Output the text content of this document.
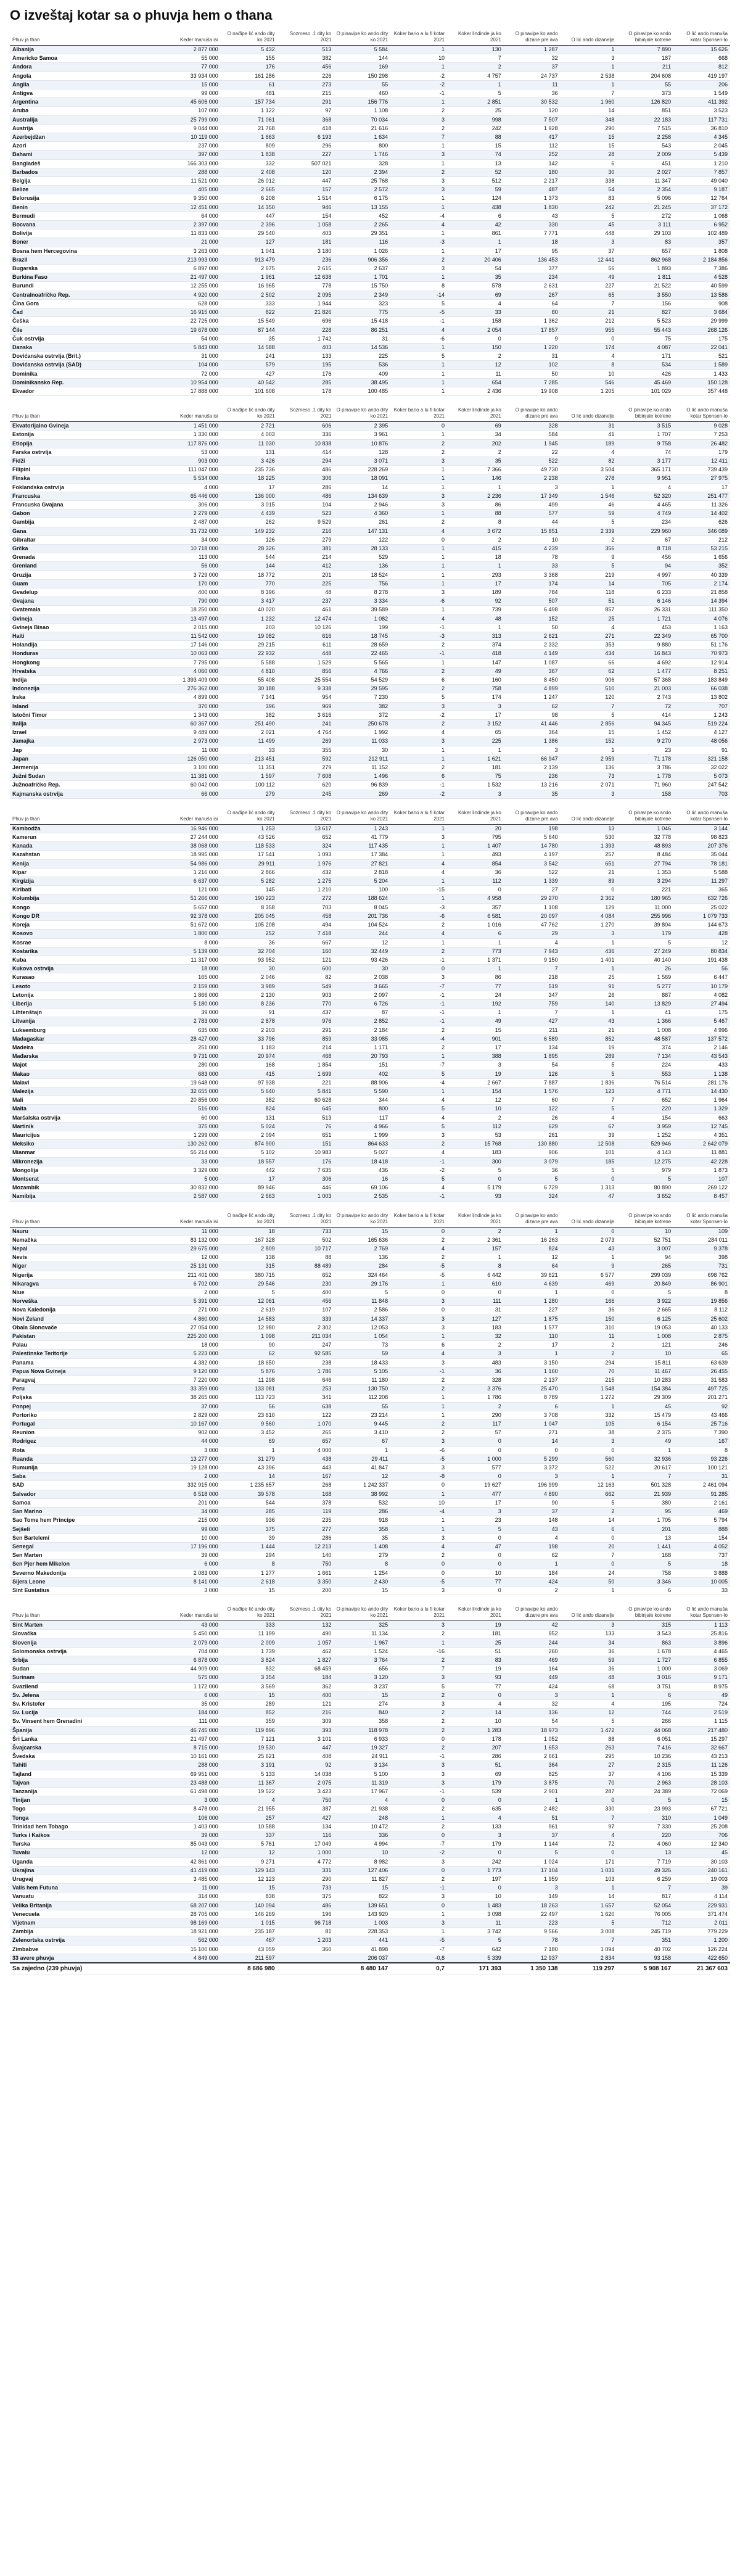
O izveštaj kotar sa o phuvja hem o thana
Phuv ja than	Keder manuša isi	O nađipe lić ando dity ko 2021	Sozmeso .1 dity ko 2021	O pinavipe ko ando dity ko 2021	Koker bario a lu fi kotar 2021	Koker lindinde ja ko 2021	O pinavipe ko ando dizane pre ava	O lić ando dizanelje	O pinavipe ko ando bibinjale kotrene	O lić ando manuša kotar Sponsen-lo
Albanija	2 877 000	5 432	513	5 584	1	130	1 287	1	7 890	15 626
Americko Samoa	55 000	155	382	144	10	7	32	3	187	668
Andora	77 000	176	456	169	1	2	37	1	211	812
Angola	33 934 000	161 286	226	150 298	-2	4 757	24 737	2 538	204 608	419 197
Angila	15 000	61	273	55	-2	1	11	1	55	206
Antigva	99 000	481	215	460	-1	5	36	7	373	1 549
Argentina	45 606 000	157 734	291	156 776	1	2 851	30 532	1 960	126 820	411 392
Aruba	107 000	1 122	97	1 108	2	25	120	14	851	3 523
Australija	25 799 000	71 061	368	70 034	3	998	7 507	348	22 183	117 731
Austrija	9 044 000	21 768	418	21 616	2	242	1 928	290	7 515	36 810
Azerbejdžan	10 119 000	1 663	6 193	1 634	7	88	417	15	2 258	4 345
Azori	237 000	809	296	800	1	15	112	15	543	2 045
Bahami	397 000	1 838	227	1 746	3	74	252	28	2 009	5 439
Bangladeš	166 303 000	332	507 021	328	1	13	142	6	451	1 210
Barbados	288 000	2 408	120	2 394	2	52	180	30	2 027	7 857
Belgija	11 521 000	26 012	447	25 768	3	512	2 217	338	11 347	49 040
Belize	405 000	2 665	157	2 572	3	59	487	54	2 354	9 187
Belorusija	9 350 000	6 208	1 514	6 175	1	124	1 373	83	5 096	12 764
Benin	12 451 000	14 350	946	13 155	1	438	1 830	242	21 245	37 172
Bermudi	64 000	447	154	452	-4	6	43	5	272	1 068
Bocvana	2 397 000	2 396	1 058	2 265	4	42	330	45	3 111	6 952
Bolivija	11 833 000	29 540	403	29 351	1	861	7 771	448	29 103	102 489
Boner	21 000	127	181	116	-3	1	18	3	83	357
Bosna hem Hercegovina	3 263 000	1 041	3 180	1 026	1	17	95	37	657	1 808
Brazil	213 993 000	913 479	236	906 356	2	20 406	136 453	12 441	862 968	2 184 856
Bugarska	6 897 000	2 675	2 615	2 637	3	54	377	56	1 893	7 386
Burkina Faso	21 497 000	1 961	12 638	1 701	1	35	234	49	1 811	4 528
Burundi	12 255 000	16 965	778	15 750	8	578	2 631	227	21 522	40 599
Centralnoafričko Rep.	4 920 000	2 502	2 095	2 349	-14	69	267	65	3 550	13 586
Čina Gora	628 000	333	1 944	323	5	4	64	7	156	908
Čad	16 915 000	822	21 826	775	-5	33	80	21	827	3 684
Češka	22 725 000	15 549	696	15 418	-1	158	1 362	212	5 523	29 999
Čile	19 678 000	87 144	228	86 251	4	2 054	17 857	955	55 443	268 126
Čuk ostrvija	54 000	35	1 742	31	-6	0	9	0	75	175
Danska	5 843 000	14 588	403	14 536	1	150	1 220	174	4 087	22 041
Dovićanska ostrvija (Brit.)	31 000	241	133	225	5	2	31	4	171	521
Dovićanska ostrvija (SAD)	104 000	579	195	536	1	12	102	8	534	1 589
Dominika	72 000	427	176	409	1	11	50	10	426	1 433
Dominikansko Rep.	10 954 000	40 542	285	38 495	1	654	7 285	546	45 469	150 128
Ekvador	17 888 000	101 608	178	100 485	1	2 436	19 908	1 205	101 029	357 448
Phuv ja than	Keder manuša isi	O nađipe lić ando dity ko 2021	Sozmeso .1 dity ko 2021	O pinavipe ko ando dity ko 2021	Koker bario a lu fi kotar 2021	Koker lindinde ja ko 2021	O pinavipe ko ando dizane pre ava	O lić ando dizanelje	O pinavipe ko ando bibinjale kotrene	O lić ando manuša kotar Sponsen-lo
Ekvatorijalno Gvineja	1 451 000	2 721	606	2 395	0	69	328	31	3 515	9 028
Estonija	1 330 000	4 003	336	3 961	1	34	584	41	1 707	7 253
Etiopija	117 876 000	11 030	10 838	10 876	2	202	1 945	189	9 758	26 482
Farska ostrvija	53 000	131	414	128	2	2	22	4	74	179
Fidži	903 000	3 426	294	3 071	3	35	522	82	3 177	12 411
Filipini	111 047 000	235 736	486	228 269	1	7 366	49 730	3 504	365 171	739 439
Finska	5 534 000	18 225	306	18 091	1	146	2 238	278	9 951	27 975
Foklandska ostrvija	4 000	17	286	14	1	1	3	1	4	17
Francuska	65 446 000	136 000	486	134 639	3	2 236	17 349	1 546	52 320	251 477
Francuska Gvajana	306 000	3 015	104	2 946	3	86	499	46	4 465	11 326
Gabon	2 279 000	4 439	523	4 360	1	88	577	59	4 749	14 402
Gambija	2 487 000	262	9 529	261	2	8	44	5	234	626
Gana	31 732 000	149 232	216	147 131	4	3 672	15 851	2 339	229 960	346 089
Gibraltar	34 000	126	279	122	0	2	10	2	67	212
Grčka	10 718 000	28 326	381	28 133	1	415	4 239	356	8 718	53 215
Grenada	113 000	544	214	529	1	18	78	9	456	1 656
Grenland	56 000	144	412	136	1	1	33	5	94	352
Gruzija	3 729 000	18 772	201	18 524	1	293	3 368	219	4 997	40 339
Guam	170 000	770	225	756	1	17	174	14	705	2 174
Gvadelup	400 000	8 396	48	8 278	3	189	784	118	6 233	21 858
Gvajana	790 000	3 417	237	3 334	-6	92	507	51	6 146	14 394
Gvatemala	18 250 000	40 020	461	39 589	1	739	6 498	857	26 331	111 350
Gvineja	13 497 000	1 232	12 474	1 082	4	48	152	25	1 721	4 076
Gvineja Bisao	2 015 000	203	10 126	199	-1	1	50	4	453	1 163
Haiti	11 542 000	19 082	616	18 745	-3	313	2 621	271	22 349	65 700
Holandija	17 146 000	29 215	611	28 659	2	374	2 332	353	9 880	51 176
Honduras	10 063 000	22 932	448	22 465	-1	418	4 149	434	16 843	70 973
Hongkong	7 795 000	5 588	1 529	5 565	1	147	1 087	66	4 692	12 914
Hrvatska	4 060 000	4 810	856	4 766	2	49	367	62	1 477	8 251
Indija	1 393 409 000	55 408	25 554	54 529	6	160	8 450	906	57 368	183 849
Indonezija	276 362 000	30 188	9 338	29 595	2	758	4 899	510	21 003	66 038
Irska	4 899 000	7 341	954	7 230	5	174	1 247	120	2 743	13 802
Island	370 000	396	969	382	3	3	62	7	72	707
Istočni Timor	1 343 000	382	3 616	372	-2	17	98	5	414	1 243
Italija	60 367 000	251 490	241	250 678	2	3 152	41 446	2 856	94 345	519 224
Izrael	9 489 000	2 021	4 764	1 992	4	65	364	15	1 452	4 127
Jamajka	2 973 000	11 499	269	11 033	3	225	1 386	152	9 270	48 056
Jap	11 000	33	355	30	1	1	3	1	23	91
Japan	126 050 000	213 451	592	212 911	1	1 621	66 947	2 959	71 178	321 158
Jermenija	3 100 000	11 351	279	11 152	2	181	2 139	136	3 786	32 022
Južni Sudan	11 381 000	1 597	7 608	1 496	6	75	236	73	1 778	5 073
Južnoafričko Rep.	60 042 000	100 112	620	96 839	-1	1 532	13 216	2 071	71 960	247 542
Kajmanska ostrvija	66 000	279	245	269	-2	3	35	3	158	703
Phuv ja than	Keder manuša isi	O nađipe lić ando dity ko 2021	Sozmeso .1 dity ko 2021	O pinavipe ko ando dity ko 2021	Koker bario a lu fi kotar 2021	Koker lindinde ja ko 2021	O pinavipe ko ando dizane pre ava	O lić ando dizanelje	O pinavipe ko ando bibinjale kotrene	O lić ando manuša kotar Sponsen-lo
Kambodža	16 946 000	1 253	13 617	1 243	1	20	198	13	1 046	3 144
Kamerun	27 244 000	43 526	652	41 779	3	795	5 640	530	32 778	98 823
Kanada	38 068 000	118 533	324	117 435	1	1 407	14 780	1 393	48 893	207 376
Kazahstan	18 995 000	17 541	1 093	17 384	1	493	4 197	257	8 484	35 044
Kenija	54 986 000	29 911	1 976	27 821	4	854	3 542	651	27 794	78 181
Kipar	1 216 000	2 866	432	2 818	4	36	522	21	1 353	5 588
Kirgizija	6 637 000	5 282	1 275	5 204	1	112	1 339	89	3 294	11 297
Kiribati	121 000	145	1 210	100	-15	0	27	0	221	365
Kolumbija	51 266 000	190 223	272	188 624	1	4 958	29 270	2 362	180 965	632 726
Kongo	5 657 000	8 358	703	8 045	-3	357	1 108	129	11 000	25 022
Kongo DR	92 378 000	205 045	458	201 736	-6	6 581	20 097	4 084	255 996	1 079 733
Koreja	51 672 000	105 208	494	104 524	2	1 016	47 762	1 270	39 804	144 673
Kosovo	1 800 000	252	7 418	244	4	6	29	3	179	428
Kosrae	8 000	36	667	12	1	1	4	1	5	12
Kostarika	5 139 000	32 704	160	32 449	2	773	7 943	436	27 249	80 834
Kuba	11 317 000	93 952	121	93 426	-1	1 371	9 150	1 401	40 140	191 438
Kukova ostrvija	18 000	30	600	30	0	1	7	1	26	56
Kurasao	165 000	2 046	82	2 038	3	86	218	25	1 569	6 447
Lesoto	2 159 000	3 989	549	3 665	-7	77	519	91	5 277	10 179
Letonija	1 866 000	2 130	903	2 097	-1	24	347	26	887	4 082
Liberija	5 180 000	8 236	770	6 726	-1	192	759	140	13 829	27 494
Lihtenštajn	39 000	91	437	87	-1	1	7	1	41	175
Litvanija	2 783 000	2 878	976	2 852	-1	49	427	43	1 366	5 467
Luksemburg	635 000	2 203	291	2 184	2	15	211	21	1 008	4 996
Madagaskar	28 427 000	33 796	859	33 085	-4	901	6 589	852	48 587	137 572
Madeira	251 000	1 183	214	1 171	2	17	134	19	374	2 146
Mađarska	9 731 000	20 974	468	20 793	1	388	1 895	289	7 134	43 543
Majot	280 000	168	1 854	151	-7	3	54	5	224	433
Makao	683 000	415	1 699	402	5	19	126	5	553	1 138
Malavi	19 648 000	97 938	221	88 906	-4	2 667	7 887	1 836	76 514	281 176
Malezija	32 655 000	5 640	5 841	5 590	1	154	1 576	123	4 771	14 430
Mali	20 856 000	382	60 628	344	4	12	60	7	652	1 964
Malta	516 000	824	645	800	5	10	122	5	220	1 329
Maršalska ostrvija	60 000	131	513	117	4	2	26	4	154	663
Martinik	375 000	5 024	76	4 966	5	112	629	67	3 959	12 745
Mauricijus	1 299 000	2 094	651	1 999	3	53	261	39	1 252	4 351
Meksiko	130 262 000	874 900	151	864 633	2	15 768	130 880	12 508	529 946	2 642 079
Mianmar	55 214 000	5 102	10 983	5 027	4	183	906	101	4 143	11 881
Mikronezija	33 000	18 557	176	18 418	-1	300	3 079	185	12 275	42 228
Mongolija	3 329 000	442	7 635	436	-2	5	36	5	979	1 873
Montserat	5 000	17	306	16	5	0	5	0	5	107
Mozambik	30 832 000	89 946	446	69 106	4	5 179	6 729	1 313	80 890	269 122
Namibija	2 587 000	2 663	1 003	2 535	-1	93	324	47	3 652	8 457
Phuv ja than	Keder manuša isi	O nađipe lić ando dity ko 2021	Sozmeso .1 dity ko 2021	O pinavipe ko ando dity ko 2021	Koker bario a lu fi kotar 2021	Koker lindinde ja ko 2021	O pinavipe ko ando dizane pre ava	O lić ando dizanelje	O pinavipe ko ando bibinjale kotrene	O lić ando manuša kotar Sponsen-lo
Nauru	11 000	18	733	15	0	2	1	0	10	109
Nemačka	83 132 000	167 328	502	165 636	2	2 361	16 263	2 073	52 751	284 011
Nepal	29 675 000	2 809	10 717	2 769	4	157	824	43	3 007	9 378
Nevis	12 000	138	88	136	2	1	12	1	94	398
Niger	25 131 000	315	88 489	284	-5	8	64	9	265	731
Nigerija	211 401 000	380 715	652	324 464	-5	6 442	39 621	6 577	299 039	698 762
Nikaragva	6 702 000	29 546	230	29 176	1	610	4 639	469	20 849	86 901
Niue	2 000	5	400	5	0	0	1	0	5	8
Norveška	5 391 000	12 061	456	11 848	3	111	1 280	166	3 922	19 856
Nova Kaledonija	271 000	2 619	107	2 586	0	31	227	36	2 665	8 112
Novi Zeland	4 860 000	14 583	339	14 337	3	127	1 875	150	6 125	25 602
Obala Slonovače	27 054 000	12 980	2 302	12 053	3	183	1 577	310	19 053	40 133
Pakistan	225 200 000	1 098	211 034	1 054	1	32	110	11	1 008	2 875
Palau	18 000	90	247	73	6	2	17	2	121	246
Palestinske Teritorije	5 223 000	62	92 585	59	4	3	1	2	10	65
Panama	4 382 000	18 650	238	18 433	3	483	3 150	294	15 811	63 639
Papua Nova Gvineja	9 120 000	5 876	1 786	5 105	-1	36	1 160	70	11 467	26 455
Paragvaj	7 220 000	11 298	646	11 180	2	328	2 137	215	10 283	31 583
Peru	33 359 000	133 081	253	130 750	2	3 376	25 470	1 548	154 384	497 725
Poljska	38 265 000	113 723	341	112 208	1	1 786	8 789	1 272	29 309	201 271
Ponpej	37 000	56	638	55	1	2	6	1	45	92
Portoriko	2 829 000	23 610	122	23 214	1	290	3 708	332	15 479	43 466
Portugal	10 167 000	9 560	1 070	9 445	2	117	1 047	105	6 154	25 716
Reunion	902 000	3 452	265	3 410	2	57	271	38	2 375	7 390
Rodrigez	44 000	69	657	67	3	0	14	3	49	167
Rota	3 000	1	4 000	1	-6	0	0	0	1	8
Ruanda	13 277 000	31 279	438	29 411	-5	1 000	5 299	560	32 936	93 226
Rumunija	19 128 000	43 396	443	41 847	3	577	3 372	522	20 617	100 121
Saba	2 000	14	167	12	-8	0	3	1	7	31
SAD	332 915 000	1 235 657	268	1 242 337	0	19 627	196 999	12 163	501 328	2 461 094
Salvador	6 518 000	39 578	168	38 992	1	477	4 890	662	21 939	91 285
Samoa	201 000	544	378	532	10	17	90	5	380	2 161
San Marino	34 000	285	119	286	-4	3	37	2	95	469
Sao Tome hem Principe	215 000	936	235	918	1	23	148	14	1 705	5 794
Sejšeli	99 000	375	277	358	1	5	43	6	201	888
Sen Bartelemi	10 000	39	286	35	3	0	4	0	13	154
Senegal	17 196 000	1 444	12 213	1 408	4	47	198	20	1 441	4 052
Sen Marten	39 000	294	140	279	2	0	62	7	168	737
Sen Pjer hem Mikelon	6 000	8	750	8	0	0	1	0	5	18
Severno Makedonija	2 083 000	1 277	1 661	1 254	0	10	184	24	758	3 888
Sijera Leone	8 141 000	2 618	3 350	2 430	-5	77	424	50	3 346	10 005
Sint Eustatius	3 000	15	200	15	3	0	2	1	6	33
Phuv ja than	Keder manuša isi	O nađipe lić ando dity ko 2021	Sozmeso .1 dity ko 2021	O pinavipe ko ando dity ko 2021	Koker bario a lu fi kotar 2021	Koker lindinde ja ko 2021	O pinavipe ko ando dizane pre ava	O lić ando dizanelje	O pinavipe ko ando bibinjale kotrene	O lić ando manuša kotar Sponsen-lo
Sint Marten	43 000	333	132	325	3	19	42	3	315	1 113
Slovačka	5 450 000	11 199	490	11 134	2	181	952	133	3 543	25 816
Slovenija	2 079 000	2 009	1 057	1 967	1	25	244	34	863	3 896
Solomonska ostrvija	704 000	1 739	462	1 524	-16	51	260	36	1 678	4 465
Srbija	6 878 000	3 824	1 827	3 764	2	83	469	59	1 727	6 855
Sudan	44 909 000	832	68 459	656	7	19	164	36	1 000	3 069
Surinam	575 000	3 354	184	3 120	3	93	449	48	3 016	9 171
Svazilend	1 172 000	3 569	362	3 237	5	77	424	68	3 751	8 975
Sv. Jelena	6 000	15	400	15	2	0	3	1	6	49
Sv. Kristofer	35 000	289	121	274	3	4	32	4	195	724
Sv. Lucija	184 000	852	216	840	2	14	136	12	744	2 519
Sv. Vinsent hem Grenadini	111 000	359	309	358	2	10	54	5	266	1 115
Španija	46 745 000	119 896	393	118 978	2	1 283	18 973	1 472	44 068	217 480
Šri Lanka	21 497 000	7 121	3 101	6 933	0	178	1 052	88	6 051	15 297
Švajcarska	8 715 000	19 530	447	19 327	2	207	1 653	263	7 416	32 667
Švedska	10 161 000	25 621	408	24 911	-1	286	2 661	295	10 236	43 213
Tahiti	288 000	3 191	92	3 134	3	51	364	27	2 315	11 126
Tajland	69 951 000	5 133	14 038	5 100	3	69	825	37	4 106	15 339
Tajvan	23 488 000	11 367	2 075	11 319	3	179	3 875	70	2 963	28 103
Tanzanija	61 498 000	19 522	3 423	17 967	-1	539	2 901	287	24 389	72 069
Tinijan	3 000	4	750	4	0	0	1	0	5	15
Togo	8 478 000	21 955	387	21 938	2	635	2 482	330	23 993	67 721
Tonga	106 000	257	427	248	1	4	51	7	310	1 049
Trinidad hem Tobago	1 403 000	10 588	134	10 472	2	133	961	97	7 330	25 208
Turks i Kaikos	39 000	337	116	336	0	3	37	4	220	706
Turska	85 043 000	5 761	17 049	4 994	-7	179	1 144	72	4 060	12 340
Tuvalu	12 000	12	1 000	10	-2	0	5	0	13	45
Uganda	42 861 000	9 271	4 772	8 982	3	242	1 024	171	7 719	30 103
Ukrajina	41 419 000	129 143	331	127 406	0	1 773	17 104	1 031	49 326	240 161
Urugvaj	3 485 000	12 123	290	11 827	2	197	1 959	103	6 259	19 003
Valis hem Futuna	11 000	15	733	15	-1	0	3	1	7	39
Vanuatu	314 000	838	375	822	3	10	149	14	817	4 114
Velika Britanija	68 207 000	140 094	486	139 651	0	1 483	18 263	1 657	52 054	229 931
Venecuela	28 705 000	146 269	196	143 920	1	3 098	22 497	1 620	76 005	371 474
Vijetnam	98 169 000	1 015	96 718	1 003	3	11	223	5	712	2 011
Zambija	18 921 000	235 187	81	228 353	1	3 742	9 566	3 008	245 719	779 229
Zelenortska ostrvija	562 000	467	1 203	441	-5	5	78	7	351	1 200
Zimbabve	15 100 000	43 059	360	41 898	-7	642	7 180	1 094	40 702	126 224
33 avere phuvja	4 849 000	211 597		206 037	-0,8	5 339	12 937	2 834	93 158	422 650
Sa zajedno (239 phuvja)		8 686 980		8 480 147	0,7	171 393	1 350 138	119 297	5 908 167	21 367 603
